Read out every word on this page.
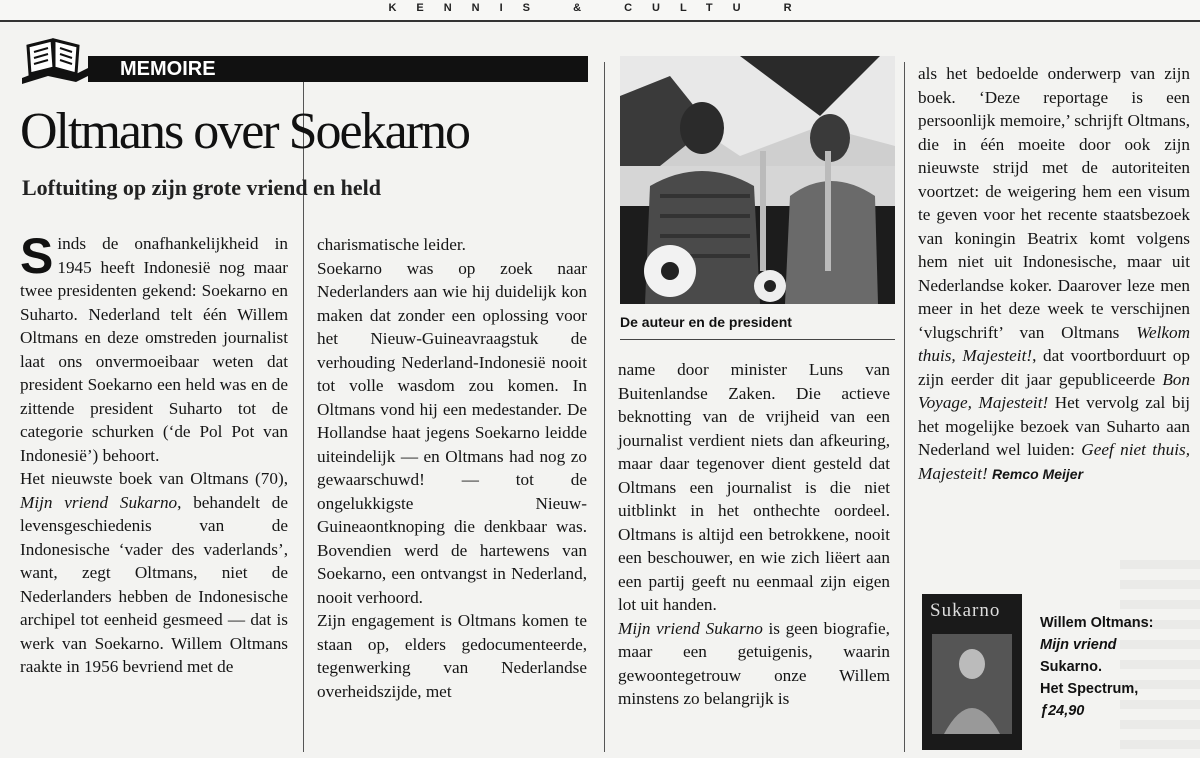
KENNIS & CULTU R
MEMOIRE
Oltmans over Soekarno
Loftuiting op zijn grote vriend en held

Sinds de onafhankelijkheid in 1945 heeft Indonesië nog maar twee presidenten gekend: Soekarno en Suharto. Nederland telt één Willem Oltmans en deze omstreden journalist laat ons onvermoeibaar weten dat president Soekarno een held was en de zittende president Suharto tot de categorie schurken (‘de Pol Pot van Indonesië’) behoort.

Het nieuwste boek van Oltmans (70), Mijn vriend Sukarno, behandelt de levensgeschiedenis van de Indonesische ‘vader des vaderlands’, want, zegt Oltmans, niet de Nederlanders hebben de Indonesische archipel tot eenheid gesmeed — dat is werk van Soekarno. Willem Oltmans raakte in 1956 bevriend met de

charismatische leider.

Soekarno was op zoek naar Nederlanders aan wie hij duidelijk kon maken dat zonder een oplossing voor het Nieuw-Guineavraagstuk de verhouding Nederland-Indonesië nooit tot volle wasdom zou komen. In Oltmans vond hij een medestander. De Hollandse haat jegens Soekarno leidde uiteindelijk — en Oltmans had nog zo gewaarschuwd! — tot de ongelukkigste Nieuw-Guineaontknoping die denkbaar was. Bovendien werd de hartewens van Soekarno, een ontvangst in Nederland, nooit verhoord.

Zijn engagement is Oltmans komen te staan op, elders gedocumenteerde, tegenwerking van Nederlandse overheidszijde, met

De auteur en de president

name door minister Luns van Buitenlandse Zaken. Die actieve beknotting van de vrijheid van een journalist verdient niets dan afkeuring, maar daar tegenover dient gesteld dat Oltmans een journalist is die niet uitblinkt in het onthechte oordeel. Oltmans is altijd een betrokkene, nooit een beschouwer, en wie zich liëert aan een partij geeft nu eenmaal zijn eigen lot uit handen.

Mijn vriend Sukarno is geen biografie, maar een getuigenis, waarin gewoontegetrouw onze Willem minstens zo belangrijk is

als het bedoelde onderwerp van zijn boek. ‘Deze reportage is een persoonlijk memoire,’ schrijft Oltmans, die in één moeite door ook zijn nieuwste strijd met de autoriteiten voortzet: de weigering hem een visum te geven voor het recente staatsbezoek van koningin Beatrix komt volgens hem niet uit Indonesische, maar uit Nederlandse koker. Daarover leze men meer in het deze week te verschijnen ‘vlugschrift’ van Oltmans Welkom thuis, Majesteit!, dat voortborduurt op zijn eerder dit jaar gepubliceerde Bon Voyage, Majesteit! Het vervolg zal bij het mogelijke bezoek van Suharto aan Nederland wel luiden: Geef niet thuis, Majesteit! Remco Meijer

Sukarno
Willem Oltmans:
Mijn vriend
Sukarno.
Het Spectrum,
ƒ24,90
